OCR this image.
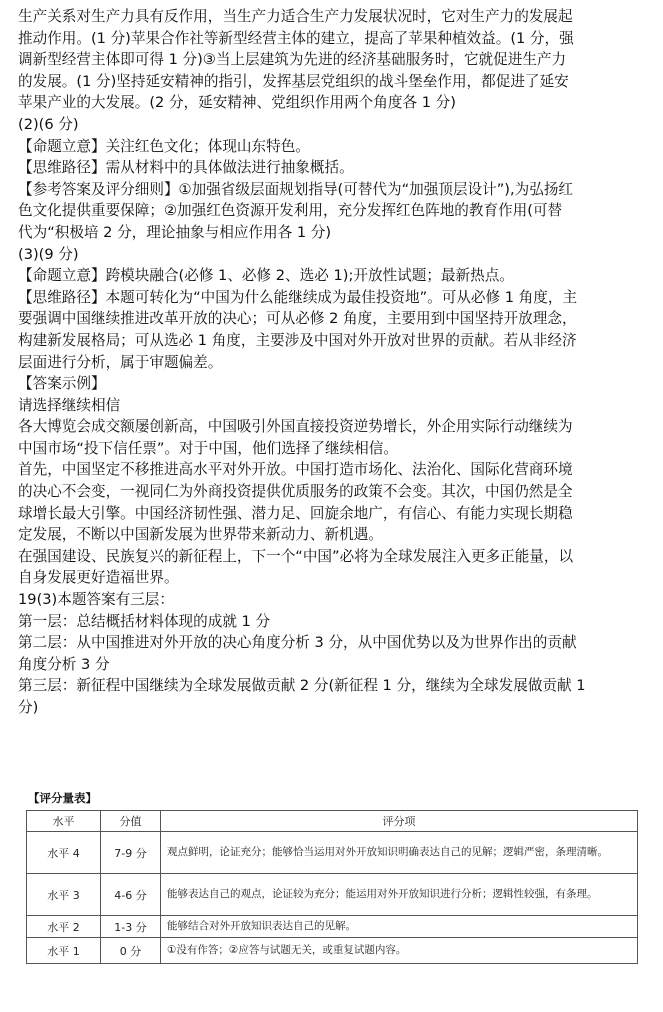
生产关系对生产力具有反作用，当生产力适合生产力发展状况时，它对生产力的发展起
推动作用。(1 分)苹果合作社等新型经营主体的建立，提高了苹果种植效益。(1 分，强
调新型经营主体即可得 1 分)③当上层建筑为先进的经济基础服务时，它就促进生产力
的发展。(1 分)坚持延安精神的指引，发挥基层党组织的战斗堡垒作用，都促进了延安
苹果产业的大发展。(2 分，延安精神、党组织作用两个角度各 1 分)
(2)(6 分)
【命题立意】关注红色文化；体现山东特色。
【思维路径】需从材料中的具体做法进行抽象概括。
【参考答案及评分细则】①加强省级层面规划指导(可替代为“加强顶层设计”),为弘扬红
色文化提供重要保障；②加强红色资源开发利用，充分发挥红色阵地的教育作用(可替
代为“积极培 2 分，理论抽象与相应作用各 1 分)
(3)(9 分)
【命题立意】跨模块融合(必修 1、必修 2、选必 1);开放性试题；最新热点。
【思维路径】本题可转化为“中国为什么能继续成为最佳投资地”。可从必修 1 角度，主
要强调中国继续推进改革开放的决心；可从必修 2 角度，主要用到中国坚持开放理念，
构建新发展格局；可从选必 1 角度，主要涉及中国对外开放对世界的贡献。若从非经济
层面进行分析，属于审题偏差。
【答案示例】
请选择继续相信
各大博览会成交额屡创新高，中国吸引外国直接投资逆势增长，外企用实际行动继续为
中国市场“投下信任票”。对于中国，他们选择了继续相信。
首先，中国坚定不移推进高水平对外开放。中国打造市场化、法治化、国际化营商环境
的决心不会变，一视同仁为外商投资提供优质服务的政策不会变。其次，中国仍然是全
球增长最大引擎。中国经济韧性强、潜力足、回旋余地广，有信心、有能力实现长期稳
定发展，不断以中国新发展为世界带来新动力、新机遇。
在强国建设、民族复兴的新征程上，下一个“中国”必将为全球发展注入更多正能量，以
自身发展更好造福世界。
19(3)本题答案有三层：
第一层：总结概括材料体现的成就 1 分
第二层：从中国推进对外开放的决心角度分析 3 分，从中国优势以及为世界作出的贡献
角度分析 3 分
第三层：新征程中国继续为全球发展做贡献 2 分(新征程 1 分，继续为全球发展做贡献 1
分)
【评分量表】
水平	分值	评分项
水平 4	7-9 分	观点鲜明，论证充分；能够恰当运用对外开放知识明确表达自己的见解；逻辑严密，条理清晰。
水平 3	4-6 分	能够表达自己的观点，论证较为充分；能运用对外开放知识进行分析；逻辑性较强，有条理。
水平 2	1-3 分	能够结合对外开放知识表达自己的见解。
水平 1	0 分	①没有作答；②应答与试题无关，或重复试题内容。
